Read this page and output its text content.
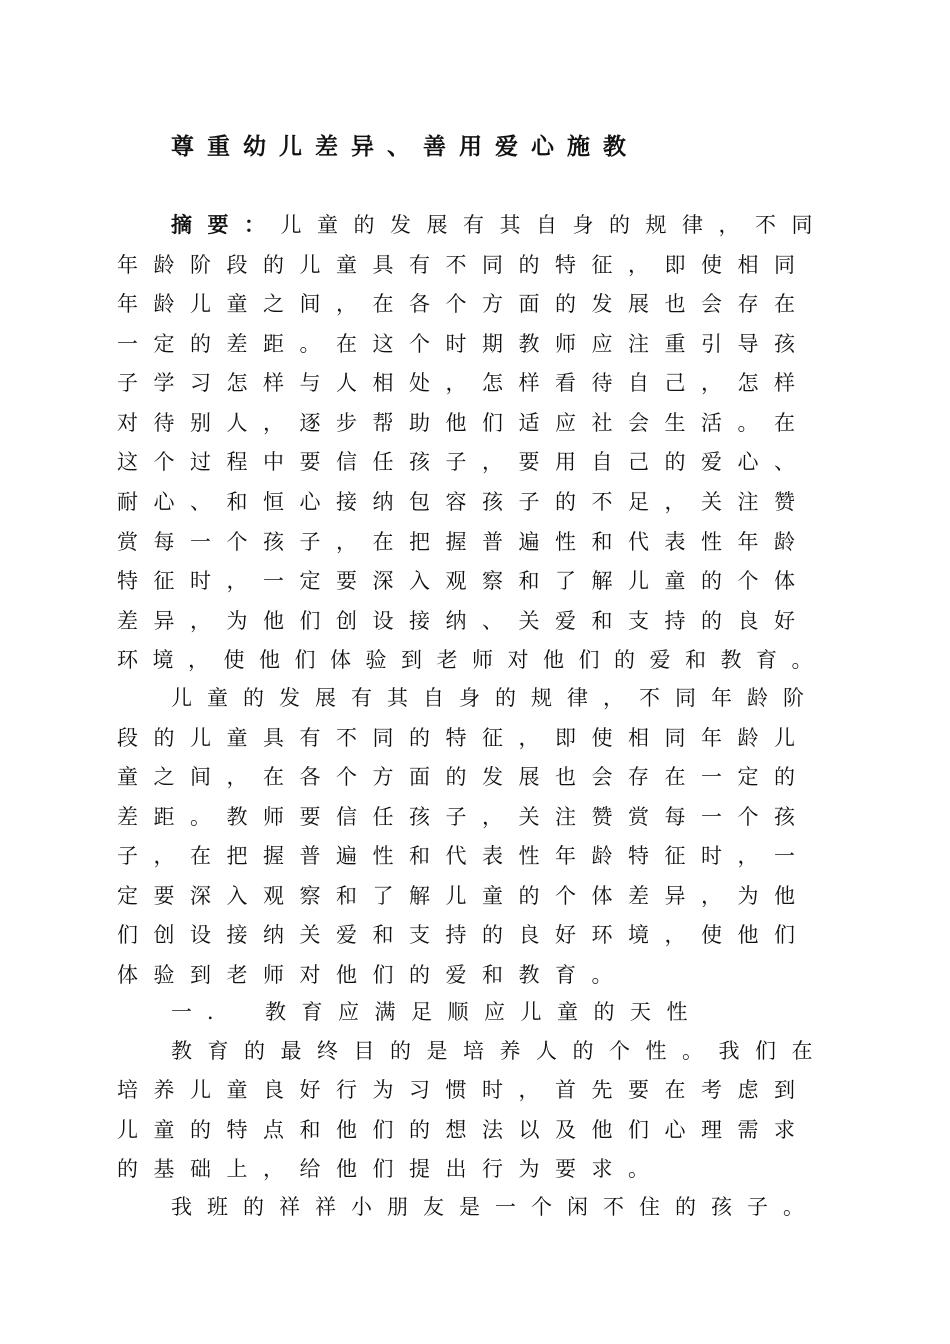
尊重幼儿差异、善用爱心施教

摘要：儿童的发展有其自身的规律，不同

年龄阶段的儿童具有不同的特征，即使相同

年龄儿童之间，在各个方面的发展也会存在

一定的差距。在这个时期教师应注重引导孩

子学习怎样与人相处，怎样看待自己，怎样

对待别人，逐步帮助他们适应社会生活。在

这个过程中要信任孩子，要用自己的爱心、

耐心、和恒心接纳包容孩子的不足，关注赞

赏每一个孩子，在把握普遍性和代表性年龄

特征时，一定要深入观察和了解儿童的个体

差异，为他们创设接纳、关爱和支持的良好

环境，使他们体验到老师对他们的爱和教育。

儿童的发展有其自身的规律，不同年龄阶

段的儿童具有不同的特征，即使相同年龄儿

童之间，在各个方面的发展也会存在一定的

差距。教师要信任孩子，关注赞赏每一个孩

子，在把握普遍性和代表性年龄特征时，一

定要深入观察和了解儿童的个体差异，为他

们创设接纳关爱和支持的良好环境，使他们

体验到老师对他们的爱和教育。

一． 教育应满足顺应儿童的天性

教育的最终目的是培养人的个性。我们在

培养儿童良好行为习惯时，首先要在考虑到

儿童的特点和他们的想法以及他们心理需求

的基础上，给他们提出行为要求。

我班的祥祥小朋友是一个闲不住的孩子。
